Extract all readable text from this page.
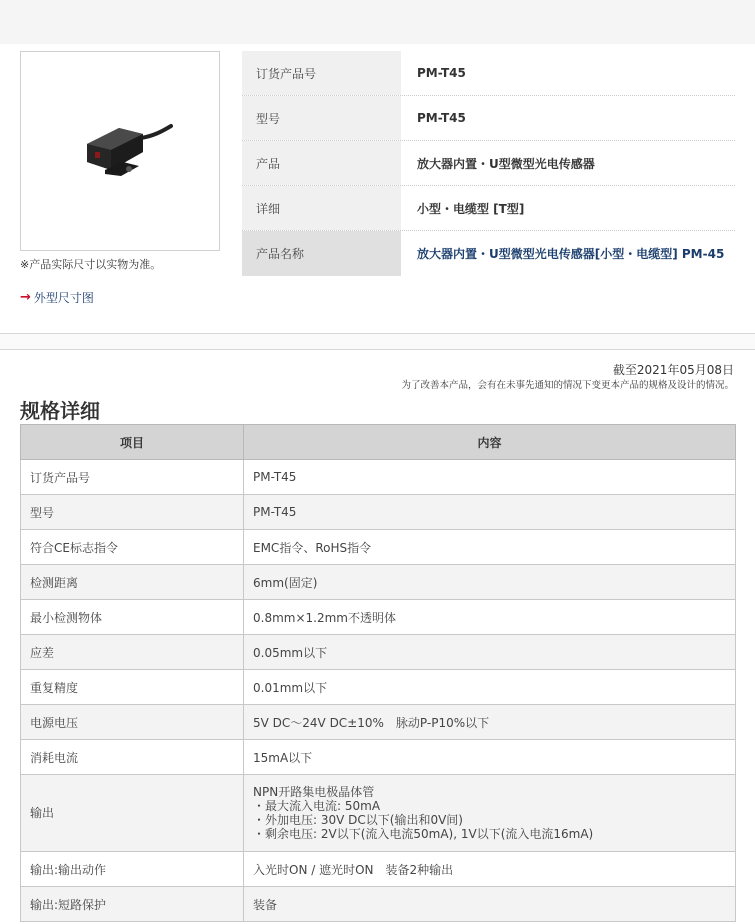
※产品实际尺寸以实物为准。
→ 外型尺寸图
订货产品号	PM-T45
型号	PM-T45
产品	放大器内置・U型微型光电传感器
详细	小型・电缆型 [T型]
产品名称	放大器内置・U型微型光电传感器[小型・电缆型] PM-45
截至2021年05月08日
为了改善本产品，会有在未事先通知的情况下变更本产品的规格及设计的情况。
规格详细
项目	内容
订货产品号	PM-T45
型号	PM-T45
符合CE标志指令	EMC指令、RoHS指令
检测距离	6mm(固定)
最小检测物体	0.8mm×1.2mm不透明体
应差	0.05mm以下
重复精度	0.01mm以下
电源电压	5V DC～24V DC±10%　脉动P-P10%以下
消耗电流	15mA以下
输出	NPN开路集电极晶体管
・最大流入电流: 50mA
・外加电压: 30V DC以下(输出和0V间)
・剩余电压: 2V以下(流入电流50mA), 1V以下(流入电流16mA)

输出:输出动作	入光时ON / 遮光时ON　装备2种输出
输出:短路保护	装备
